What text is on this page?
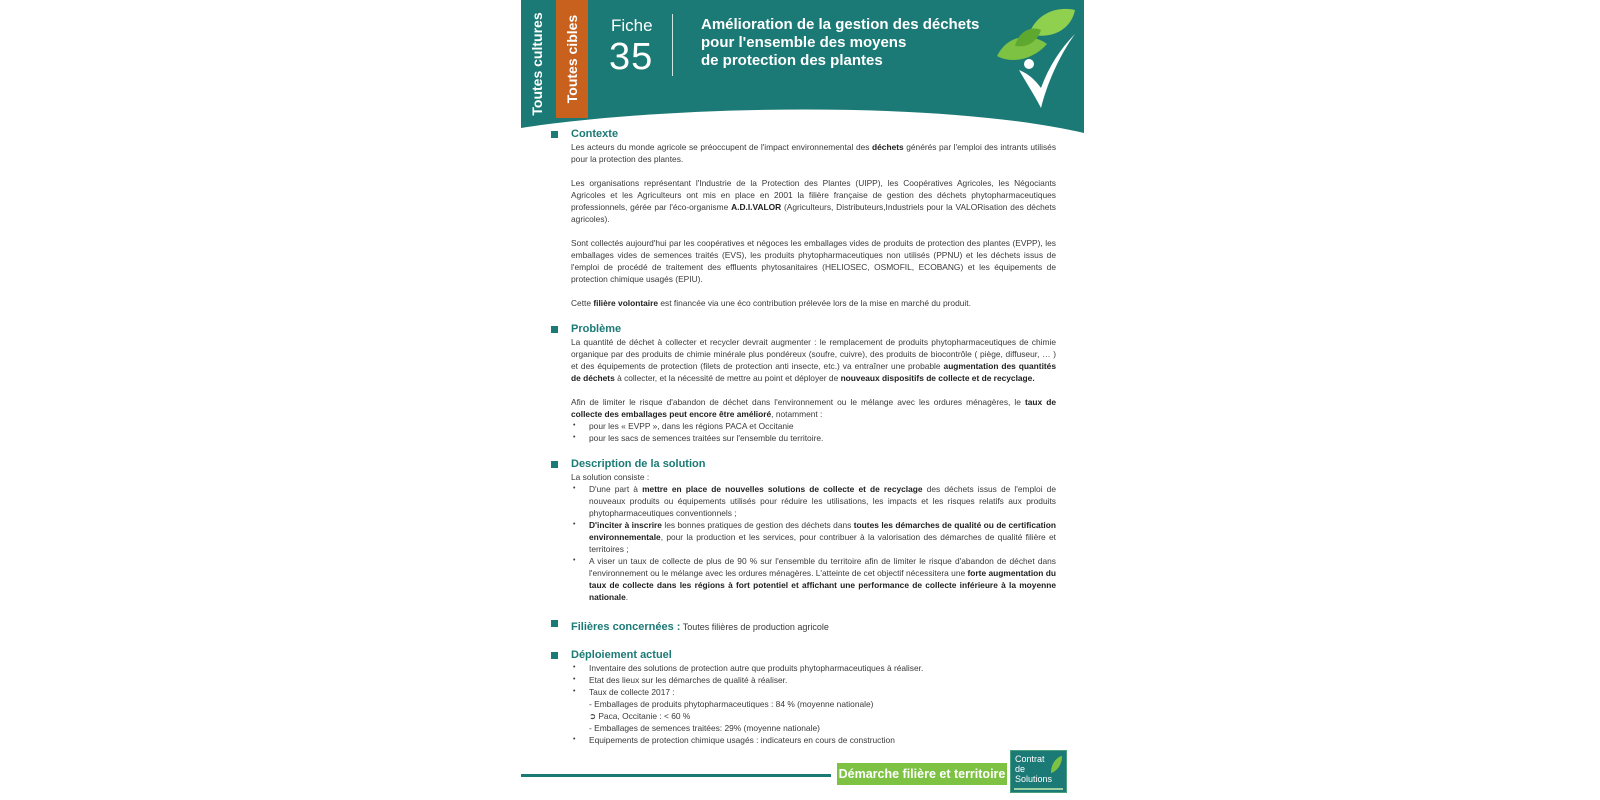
Toutes cultures Toutes cibles Fiche
35
Amélioration de la gestion des déchets
pour l'ensemble des moyens
de protection des plantes
Contexte

Les acteurs du monde agricole se préoccupent de l'impact environnemental des déchets générés par l'emploi des intrants utilisés pour la protection des plantes.

Les organisations représentant l'Industrie de la Protection des Plantes (UIPP), les Coopératives Agricoles, les Négociants Agricoles et les Agriculteurs ont mis en place en 2001 la filière française de gestion des déchets phytopharmaceutiques professionnels, gérée par l'éco-organisme A.D.I.VALOR (Agriculteurs, Distributeurs,Industriels pour la VALORisation des déchets agricoles).

Sont collectés aujourd'hui par les coopératives et négoces les emballages vides de produits de protection des plantes (EVPP), les emballages vides de semences traités (EVS), les produits phytopharmaceutiques non utilisés (PPNU) et les déchets issus de l'emploi de procédé de traitement des effluents phytosanitaires (HELIOSEC, OSMOFIL, ECOBANG) et les équipements de protection chimique usagés (EPIU).

Cette filière volontaire est financée via une éco contribution prélevée lors de la mise en marché du produit.

Problème

La quantité de déchet à collecter et recycler devrait augmenter : le remplacement de produits phytopharmaceutiques de chimie organique par des produits de chimie minérale plus pondéreux (soufre, cuivre), des produits de biocontrôle ( piège, diffuseur, … ) et des équipements de protection (filets de protection anti insecte, etc.) va entraîner une probable augmentation des quantités de déchets à collecter, et la nécessité de mettre au point et déployer de nouveaux dispositifs de collecte et de recyclage.

Afin de limiter le risque d'abandon de déchet dans l'environnement ou le mélange avec les ordures ménagères, le taux de collecte des emballages peut encore être amélioré, notamment :

• pour les « EVPP », dans les régions PACA et Occitanie
• pour les sacs de semences traitées sur l'ensemble du territoire.
Description de la solution

La solution consiste :

• D'une part à mettre en place de nouvelles solutions de collecte et de recyclage des déchets issus de l'emploi de nouveaux produits ou équipements utilisés pour réduire les utilisations, les impacts et les risques relatifs aux produits phytopharmaceutiques conventionnels ;
• D'inciter à inscrire les bonnes pratiques de gestion des déchets dans toutes les démarches de qualité ou de certification environnementale, pour la production et les services, pour contribuer à la valorisation des démarches de qualité filière et territoires ;
• A viser un taux de collecte de plus de 90 % sur l'ensemble du territoire afin de limiter le risque d'abandon de déchet dans l'environnement ou le mélange avec les ordures ménagères. L'atteinte de cet objectif nécessitera une forte augmentation du taux de collecte dans les régions à fort potentiel et affichant une performance de collecte inférieure à la moyenne nationale.
Filières concernées : Toutes filières de production agricole
Déploiement actuel
• Inventaire des solutions de protection autre que produits phytopharmaceutiques à réaliser.
• Etat des lieux sur les démarches de qualité à réaliser.
• Taux de collecte 2017 :
- Emballages de produits phytopharmaceutiques : 84 % (moyenne nationale)
➲ Paca, Occitanie : < 60 %
- Emballages de semences traitées: 29% (moyenne nationale)
• Equipements de protection chimique usagés : indicateurs en cours de construction
Démarche filière et territoire
Contrat
de
Solutions
